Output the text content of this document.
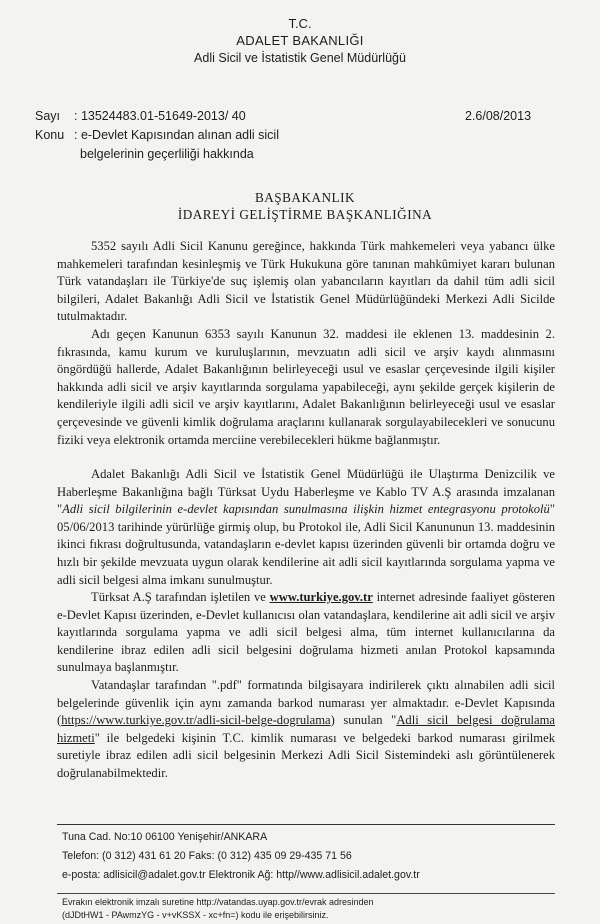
T.C.
ADALET BAKANLIĞI
Adli Sicil ve İstatistik Genel Müdürlüğü
Sayı : 13524483.01-51649-2013/ 40	2.6/08/2013
Konu : e-Devlet Kapısından alınan adli sicil
belgelerinin geçerliliği hakkında
BAŞBAKANLIK
İDAREYİ GELİŞTİRME BAŞKANLIĞINA
5352 sayılı Adli Sicil Kanunu gereğince, hakkında Türk mahkemeleri veya yabancı ülke mahkemeleri tarafından kesinleşmiş ve Türk Hukukuna göre tanınan mahkûmiyet kararı bulunan Türk vatandaşları ile Türkiye'de suç işlemiş olan yabancıların kayıtları da dahil tüm adli sicil bilgileri, Adalet Bakanlığı Adli Sicil ve İstatistik Genel Müdürlüğündeki Merkezi Adli Sicilde tutulmaktadır.
Adı geçen Kanunun 6353 sayılı Kanunun 32. maddesi ile eklenen 13. maddesinin 2. fıkrasında, kamu kurum ve kuruluşlarının, mevzuatın adli sicil ve arşiv kaydı alınmasını öngördüğü hallerde, Adalet Bakanlığının belirleyeceği usul ve esaslar çerçevesinde ilgili kişiler hakkında adli sicil ve arşiv kayıtlarında sorgulama yapabileceği, aynı şekilde gerçek kişilerin de kendileriyle ilgili adli sicil ve arşiv kayıtlarını, Adalet Bakanlığının belirleyeceği usul ve esaslar çerçevesinde ve güvenli kimlik doğrulama araçlarını kullanarak sorgulayabilecekleri ve sonucunu fiziki veya elektronik ortamda merciine verebilecekleri hükme bağlanmıştır.
Adalet Bakanlığı Adli Sicil ve İstatistik Genel Müdürlüğü ile Ulaştırma Denizcilik ve Haberleşme Bakanlığına bağlı Türksat Uydu Haberleşme ve Kablo TV A.Ş arasında imzalanan "Adli sicil bilgilerinin e-devlet kapısından sunulmasına ilişkin hizmet entegrasyonu protokolü" 05/06/2013 tarihinde yürürlüğe girmiş olup, bu Protokol ile, Adli Sicil Kanununun 13. maddesinin ikinci fıkrası doğrultusunda, vatandaşların e-devlet kapısı üzerinden güvenli bir ortamda doğru ve hızlı bir şekilde mevzuata uygun olarak kendilerine ait adli sicil kayıtlarında sorgulama yapma ve adli sicil belgesi alma imkanı sunulmuştur.
Türksat A.Ş tarafından işletilen ve www.turkiye.gov.tr internet adresinde faaliyet gösteren e-Devlet Kapısı üzerinden, e-Devlet kullanıcısı olan vatandaşlara, kendilerine ait adli sicil ve arşiv kayıtlarında sorgulama yapma ve adli sicil belgesi alma, tüm internet kullanıcılarına da kendilerine ibraz edilen adli sicil belgesini doğrulama hizmeti anılan Protokol kapsamında sunulmaya başlanmıştır.
Vatandaşlar tarafından ".pdf" formatında bilgisayara indirilerek çıktı alınabilen adli sicil belgelerinde güvenlik için aynı zamanda barkod numarası yer almaktadır. e-Devlet Kapısında (https://www.turkiye.gov.tr/adli-sicil-belge-dogrulama) sunulan "Adli sicil belgesi doğrulama hizmeti" ile belgedeki kişinin T.C. kimlik numarası ve belgedeki barkod numarası girilmek suretiyle ibraz edilen adli sicil belgesinin Merkezi Adli Sicil Sistemindeki aslı görüntülenerek doğrulanabilmektedir.
Tuna Cad. No:10 06100 Yenişehir/ANKARA
Telefon: (0 312) 431 61 20 Faks: (0 312) 435 09 29-435 71 56
e-posta: adlisicil@adalet.gov.tr Elektronik Ağ: http//www.adlisicil.adalet.gov.tr
Evrakın elektronik imzalı suretine http://vatandas.uyap.gov.tr/evrak adresinden
(dJDtHW1 - PAwmzYG - v+vKSSX - xc+fn=) kodu ile erişebilirsiniz.
